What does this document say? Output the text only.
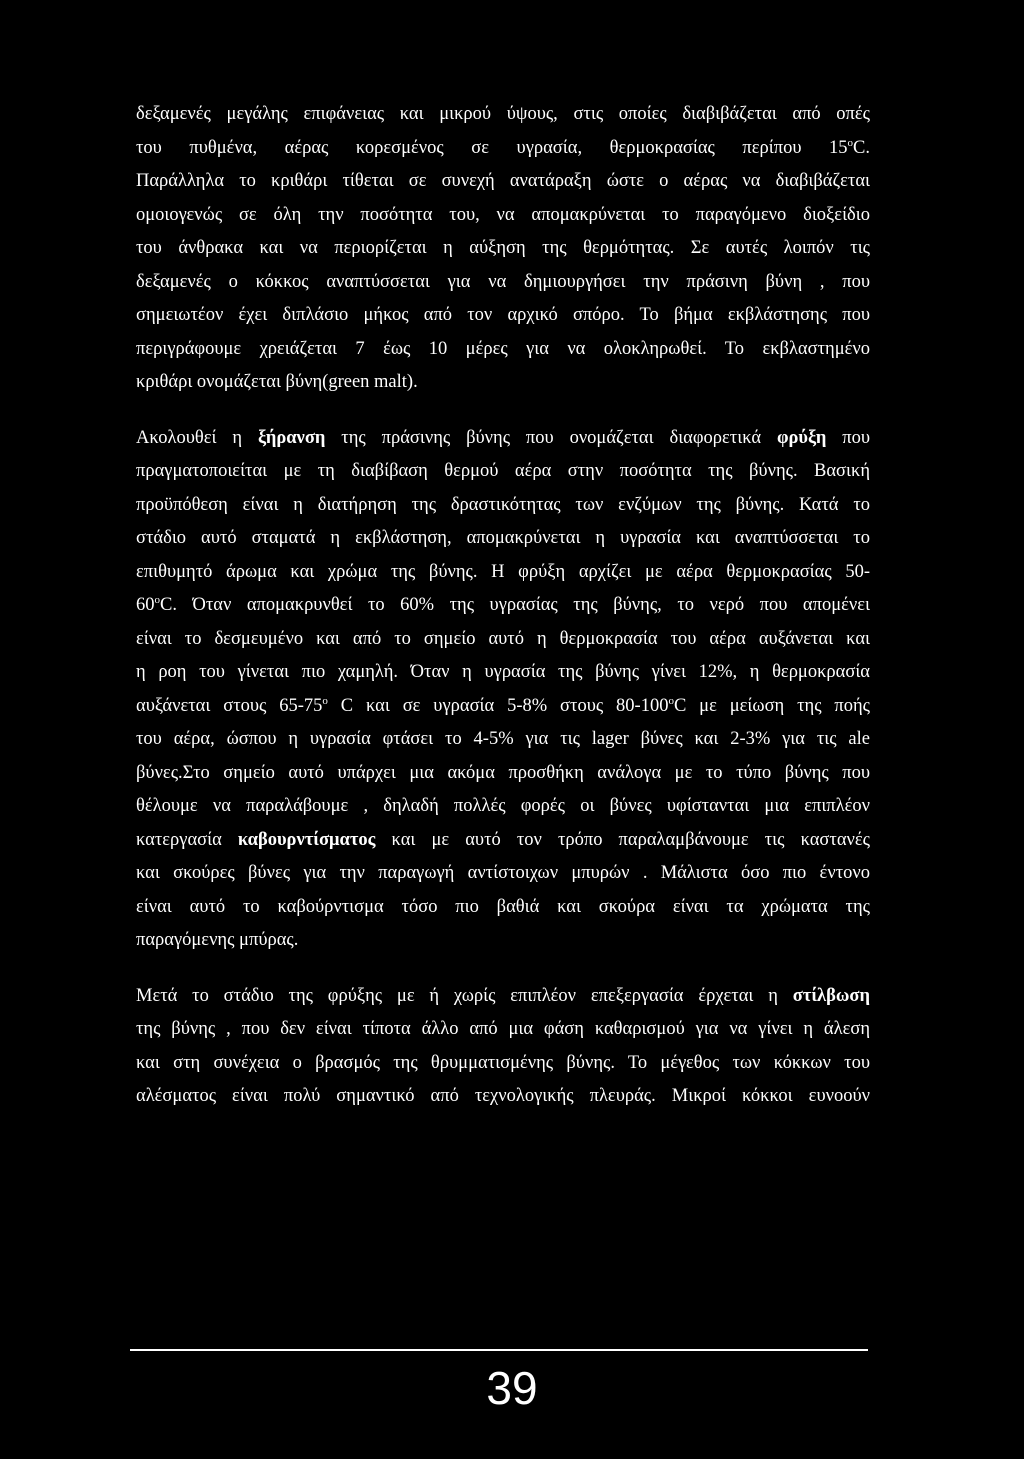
δεξαμενές μεγάλης επιφάνειας και μικρού ύψους, στις οποίες διαβιβάζεται από οπές
του πυθμένα, αέρας κορεσμένος σε υγρασία, θερμοκρασίας περίπου 15$^o$C.
Παράλληλα το κριθάρι τίθεται σε συνεχή ανατάραξη ώστε ο αέρας να διαβιβάζεται
ομοιογενώς σε όλη την ποσότητα του, να απομακρύνεται το παραγόμενο διοξείδιο
του άνθρακα και να περιορίζεται η αύξηση της θερμότητας. Σε αυτές λοιπόν τις
δεξαμενές ο κόκκος αναπτύσσεται για να δημιουργήσει την πράσινη βύνη , που
σημειωτέον έχει διπλάσιο μήκος από τον αρχικό σπόρο. Το βήμα εκβλάστησης που
περιγράφουμε χρειάζεται 7 έως 10 μέρες για να ολοκληρωθεί. Το εκβλαστημένο
κριθάρι ονομάζεται βύνη(green malt).

Ακολουθεί η ξήρανση της πράσινης βύνης που ονομάζεται διαφορετικά φρύξη που
πραγματοποιείται με τη διαβίβαση θερμού αέρα στην ποσότητα της βύνης. Βασική
προϋπόθεση είναι η διατήρηση της δραστικότητας των ενζύμων της βύνης. Κατά το
στάδιο αυτό σταματά η εκβλάστηση, απομακρύνεται η υγρασία και αναπτύσσεται το
επιθυμητό άρωμα και χρώμα της βύνης. Η φρύξη αρχίζει με αέρα θερμοκρασίας 50-
60$^o$C. Όταν απομακρυνθεί το 60% της υγρασίας της βύνης, το νερό που απομένει
είναι το δεσμευμένο και από το σημείο αυτό η θερμοκρασία του αέρα αυξάνεται και
η ροη του γίνεται πιο χαμηλή. Όταν η υγρασία της βύνης γίνει 12%, η θερμοκρασία
αυξάνεται στους 65-75$^o$ C και σε υγρασία 5-8% στους 80-100$^o$C με μείωση της ποής
του αέρα, ώσπου η υγρασία φτάσει το 4-5% για τις lager βύνες και 2-3% για τις ale
βύνες.Στο σημείο αυτό υπάρχει μια ακόμα προσθήκη ανάλογα με το τύπο βύνης που
θέλουμε να παραλάβουμε , δηλαδή πολλές φορές οι βύνες υφίστανται μια επιπλέον
κατεργασία καβουρντίσματος και με αυτό τον τρόπο παραλαμβάνουμε τις καστανές
και σκούρες βύνες για την παραγωγή αντίστοιχων μπυρών . Μάλιστα όσο πιο έντονο
είναι αυτό το καβούρντισμα τόσο πιο βαθιά και σκούρα είναι τα χρώματα της
παραγόμενης μπύρας.

Μετά το στάδιο της φρύξης με ή χωρίς επιπλέον επεξεργασία έρχεται η στίλβωση
της βύνης , που δεν είναι τίποτα άλλο από μια φάση καθαρισμού για να γίνει η άλεση
και στη συνέχεια ο βρασμός της θρυμματισμένης βύνης. Το μέγεθος των κόκκων του
αλέσματος είναι πολύ σημαντικό από τεχνολογικής πλευράς. Μικροί κόκκοι ευνοούν

39
